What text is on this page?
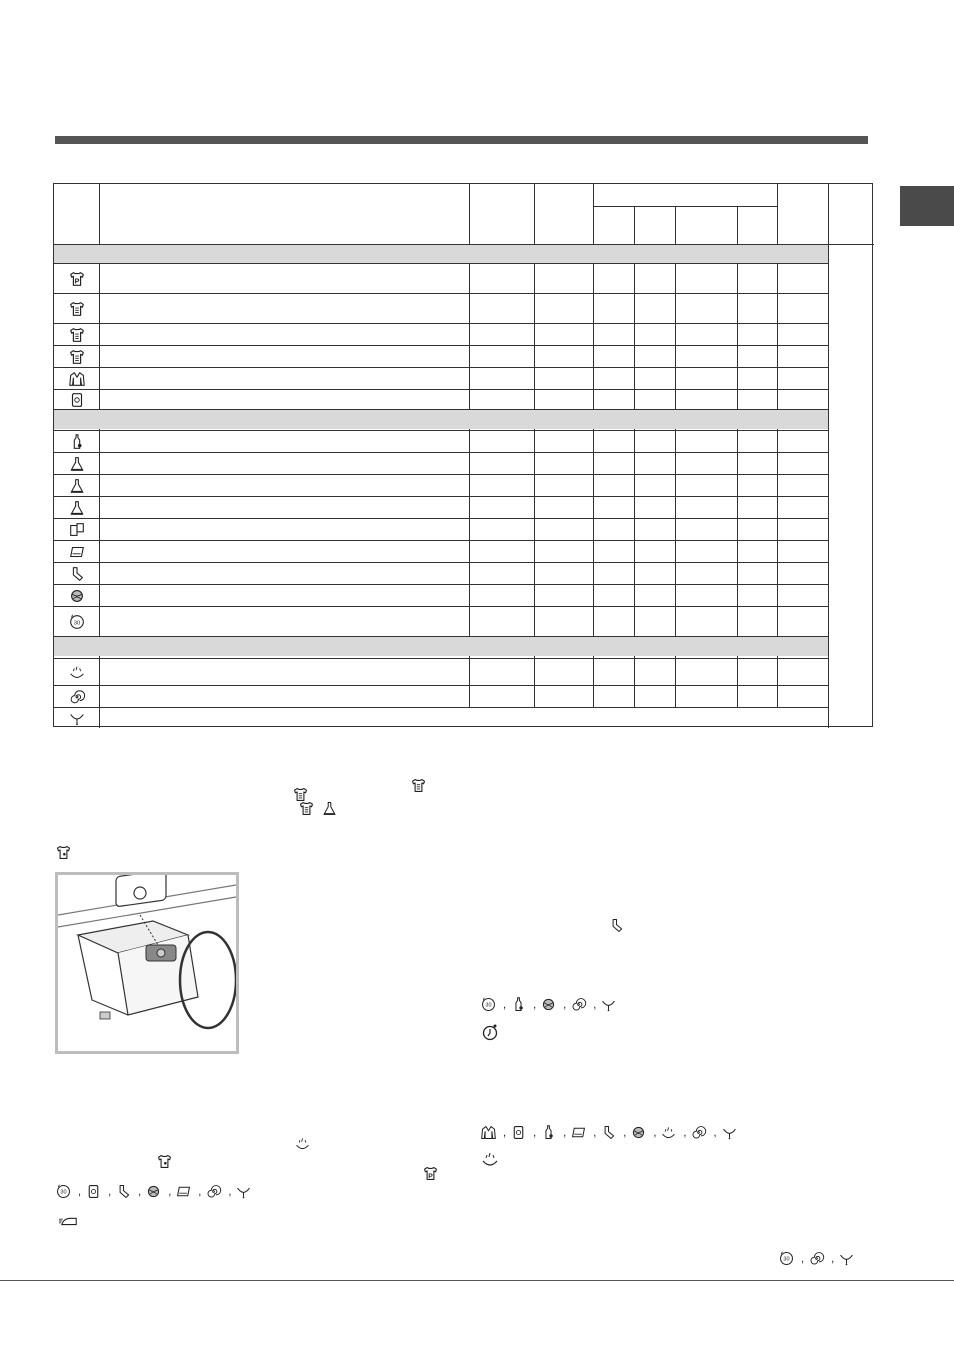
, , , ,
, , , , , , , ,
, , , , , ,
, ,
